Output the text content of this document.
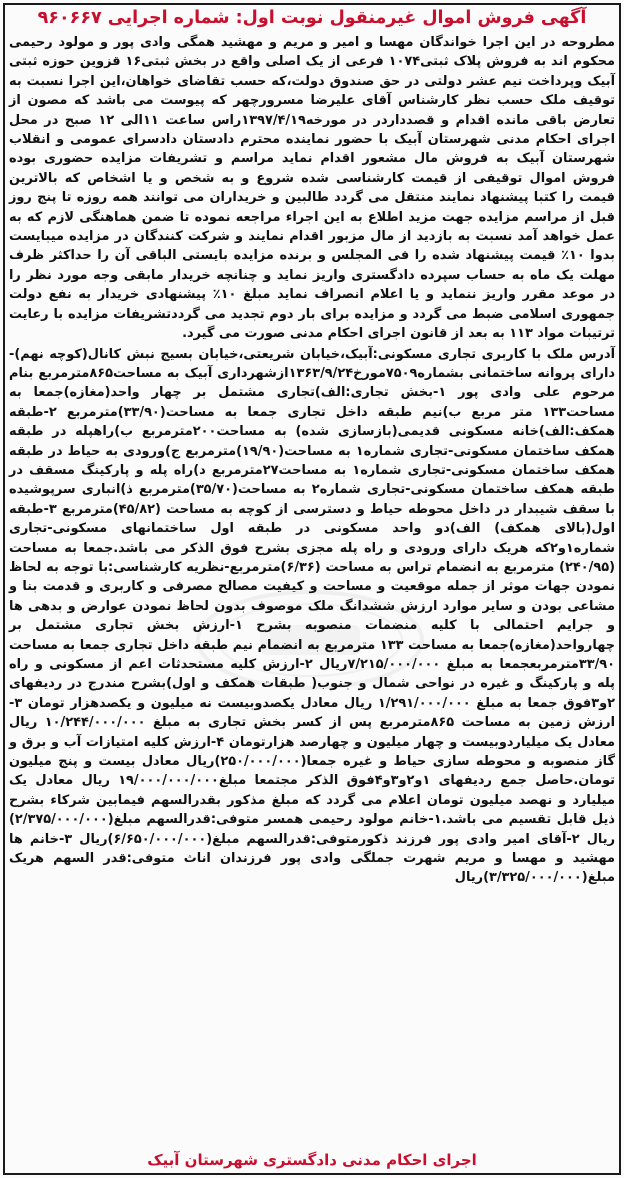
آگهی فروش اموال غیرمنقول نوبت اول: شماره اجرایی ۹۶۰۶۶۷

مطروحه در این اجرا خواندگان مهسا و امیر و مریم و مهشید همگی وادی پور و مولود رحیمی محکوم اند به فروش پلاک ثبتی۱۰۷۴ فرعی از یک اصلی واقع در بخش ثبتی۱۶ قزوین حوزه ثبتی آبیک وپرداخت نیم عشر دولتی در حق صندوق دولت،که حسب تقاضای خواهان،این اجرا نسبت به توقیف ملک حسب نظر کارشناس آقای علیرضا مسرورچهر که پیوست می باشد که مصون از تعارض باقی مانده اقدام و قصدداردر در مورخه۱۳۹۷/۴/۱۹راس ساعت ۱۱الی ۱۲ صبح در محل اجرای احکام مدنی شهرستان آبیک با حضور نماینده محترم دادستان دادسرای عمومی و انقلاب شهرستان آبیک به فروش مال مشعور اقدام نماید مراسم و تشریفات مزایده حضوری بوده فروش اموال توقیفی از قیمت کارشناسی شده شروع و به شخص و یا اشخاص که بالاترین قیمت را کتبا پیشنهاد نمایند منتقل می گردد طالبین و خریداران می توانند همه روزه تا پنج روز قبل از مراسم مزایده جهت مزید اطلاع به این اجراء مراجعه نموده تا ضمن هماهنگی لازم که به عمل خواهد آمد نسبت به بازدید از مال مزبور اقدام نمایند و شرکت کنندگان در مزایده میبایست بدوا ۱۰٪ قیمت پیشنهاد شده را فی المجلس و برنده مزایده بایستی الباقی آن را حداکثر ظرف مهلت یک ماه به حساب سپرده دادگستری واریز نماید و چنانچه خریدار مابقی وجه مورد نظر را در موعد مقرر واریز ننماید و یا اعلام انصراف نماید مبلغ ۱۰٪ پیشنهادی خریدار به نفع دولت جمهوری اسلامی ضبط می گردد و مزایده برای بار دوم تجدید می گرددتشریفات مزایده با رعایت ترتیبات مواد ۱۱۳ به بعد از قانون اجرای احکام مدنی صورت می گیرد.

آدرس ملک با کاربری تجاری مسکونی:آبیک،خیابان شریعتی،خیابان بسیج نبش کانال(کوچه نهم)-دارای پروانه ساختمانی بشماره۷۵۰۹مورخ۱۳۶۳/۹/۲۴ازشهرداری آبیک به مساحت۸۶۵مترمربع بنام مرحوم علی وادی پور ۱-بخش تجاری:الف)تجاری مشتمل بر چهار واحد(مغازه)جمعا به مساحت۱۳۳ متر مربع ب)نیم طبقه داخل تجاری جمعا به مساحت(۳۳/۹۰)مترمربع ۲-طبقه همکف:الف)خانه مسکونی قدیمی(بازسازی شده) به مساحت۲۰۰مترمربع ب)راهپله در طبقه همکف ساختمان مسکونی-تجاری شماره۱ به مساحت(۱۹/۹۰)مترمربع ج)ورودی به حیاط در طبقه همکف ساختمان مسکونی-تجاری شماره۱ به مساحت۲۷مترمربع د)راه پله و پارکینگ مسقف در طبقه همکف ساختمان مسکونی-تجاری شماره۲ به مساحت(۳۵/۷۰)مترمربع ذ)انباری سرپوشیده با سقف شیبدار در داخل محوطه حیاط و دسترسی از کوچه به مساحت (۴۵/۸۲)مترمربع ۳-طبقه اول(بالای همکف) الف)دو واحد مسکونی در طبقه اول ساختمانهای مسکونی-تجاری شماره۱و۲که هریک دارای ورودی و راه پله مجزی بشرح فوق الذکر می باشد.جمعا به مساحت (۲۴۰/۹۵) مترمربع به انضمام تراس به مساحت (۶/۳۶)مترمربع-نظریه کارشناسی:با توجه به لحاظ نمودن جهات موثر از جمله موقعیت و مساحت و کیفیت مصالح مصرفی و کاربری و قدمت بنا و مشاعی بودن و سایر موارد ارزش ششدانگ ملک موصوف بدون لحاظ نمودن عوارض و بدهی ها و جرایم احتمالی با کلیه منضمات منصوبه بشرح ۱-ارزش بخش تجاری مشتمل بر چهارواحد(مغازه)جمعا به مساحت ۱۳۳ مترمربع به انضمام نیم طبقه داخل تجاری جمعا به مساحت ۳۳/۹۰مترمربعجمعا به مبلغ ۷/۲۱۵/۰۰۰/۰۰۰ریال ۲-ارزش کلیه مستحدثات اعم از مسکونی و راه پله و پارکینگ و غیره در نواحی شمال و جنوب( طبقات همکف و اول)بشرح مندرج در ردیفهای ۲و۳فوق جمعا به مبلغ ۱/۲۹۱/۰۰۰/۰۰۰ ریال معادل یکصدوبیست نه میلیون و یکصدهزار تومان ۳-ارزش زمین به مساحت ۸۶۵مترمربع پس از کسر بخش تجاری به مبلغ ۱۰/۲۴۴/۰۰۰/۰۰۰ ریال معادل یک میلیاردوبیست و چهار میلیون و چهارصد هزارتومان ۴-ارزش کلیه امتیازات آب و برق و گاز منصوبه و محوطه سازی حیاط و غیره جمعا(۲۵۰/۰۰۰/۰۰۰)ریال معادل بیست و پنج میلیون تومان.حاصل جمع ردیفهای ۱و۲و۳و۴فوق الذکر مجتمعا مبلغ۱۹/۰۰۰/۰۰۰/۰۰۰ ریال معادل یک میلیارد و نهصد میلیون تومان اعلام می گردد که مبلغ مذکور بقدرالسهم فیمابین شرکاء بشرح ذیل قابل تقسیم می باشد.۱-خانم مولود رحیمی همسر متوفی:قدرالسهم مبلغ(۲/۳۷۵/۰۰۰/۰۰۰) ریال ۲-آقای امیر وادی پور فرزند ذکورمتوفی:قدرالسهم مبلغ(۶/۶۵۰/۰۰۰/۰۰۰)ریال ۳-خانم ها مهشید و مهسا و مریم شهرت جملگی وادی پور فرزندان اناث متوفی:قدر السهم هریک مبلغ(۳/۳۲۵/۰۰۰/۰۰۰)ریال

اجرای احکام مدنی دادگستری شهرستان آبیک
